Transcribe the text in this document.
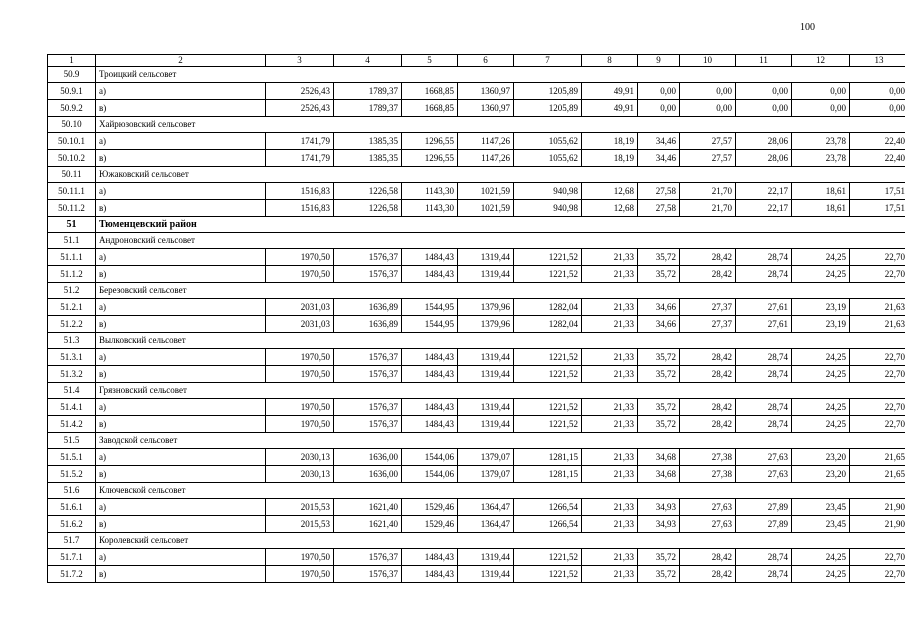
100
1	2	3	4	5	6	7	8	9	10	11	12	13
50.9	Троицкий сельсовет											
50.9.1	а)	2526,43	1789,37	1668,85	1360,97	1205,89	49,91	0,00	0,00	0,00	0,00	0,00
50.9.2	в)	2526,43	1789,37	1668,85	1360,97	1205,89	49,91	0,00	0,00	0,00	0,00	0,00
50.10	Хайрюзовский сельсовет											
50.10.1	а)	1741,79	1385,35	1296,55	1147,26	1055,62	18,19	34,46	27,57	28,06	23,78	22,40
50.10.2	в)	1741,79	1385,35	1296,55	1147,26	1055,62	18,19	34,46	27,57	28,06	23,78	22,40
50.11	Южаковский сельсовет											
50.11.1	а)	1516,83	1226,58	1143,30	1021,59	940,98	12,68	27,58	21,70	22,17	18,61	17,51
50.11.2	в)	1516,83	1226,58	1143,30	1021,59	940,98	12,68	27,58	21,70	22,17	18,61	17,51
51	Тюменцевский район											
51.1	Андроновский сельсовет											
51.1.1	а)	1970,50	1576,37	1484,43	1319,44	1221,52	21,33	35,72	28,42	28,74	24,25	22,70
51.1.2	в)	1970,50	1576,37	1484,43	1319,44	1221,52	21,33	35,72	28,42	28,74	24,25	22,70
51.2	Березовский сельсовет											
51.2.1	а)	2031,03	1636,89	1544,95	1379,96	1282,04	21,33	34,66	27,37	27,61	23,19	21,63
51.2.2	в)	2031,03	1636,89	1544,95	1379,96	1282,04	21,33	34,66	27,37	27,61	23,19	21,63
51.3	Вылковский сельсовет											
51.3.1	а)	1970,50	1576,37	1484,43	1319,44	1221,52	21,33	35,72	28,42	28,74	24,25	22,70
51.3.2	в)	1970,50	1576,37	1484,43	1319,44	1221,52	21,33	35,72	28,42	28,74	24,25	22,70
51.4	Грязновский сельсовет											
51.4.1	а)	1970,50	1576,37	1484,43	1319,44	1221,52	21,33	35,72	28,42	28,74	24,25	22,70
51.4.2	в)	1970,50	1576,37	1484,43	1319,44	1221,52	21,33	35,72	28,42	28,74	24,25	22,70
51.5	Заводской сельсовет											
51.5.1	а)	2030,13	1636,00	1544,06	1379,07	1281,15	21,33	34,68	27,38	27,63	23,20	21,65
51.5.2	в)	2030,13	1636,00	1544,06	1379,07	1281,15	21,33	34,68	27,38	27,63	23,20	21,65
51.6	Ключевской сельсовет											
51.6.1	а)	2015,53	1621,40	1529,46	1364,47	1266,54	21,33	34,93	27,63	27,89	23,45	21,90
51.6.2	в)	2015,53	1621,40	1529,46	1364,47	1266,54	21,33	34,93	27,63	27,89	23,45	21,90
51.7	Королевский сельсовет											
51.7.1	а)	1970,50	1576,37	1484,43	1319,44	1221,52	21,33	35,72	28,42	28,74	24,25	22,70
51.7.2	в)	1970,50	1576,37	1484,43	1319,44	1221,52	21,33	35,72	28,42	28,74	24,25	22,70
